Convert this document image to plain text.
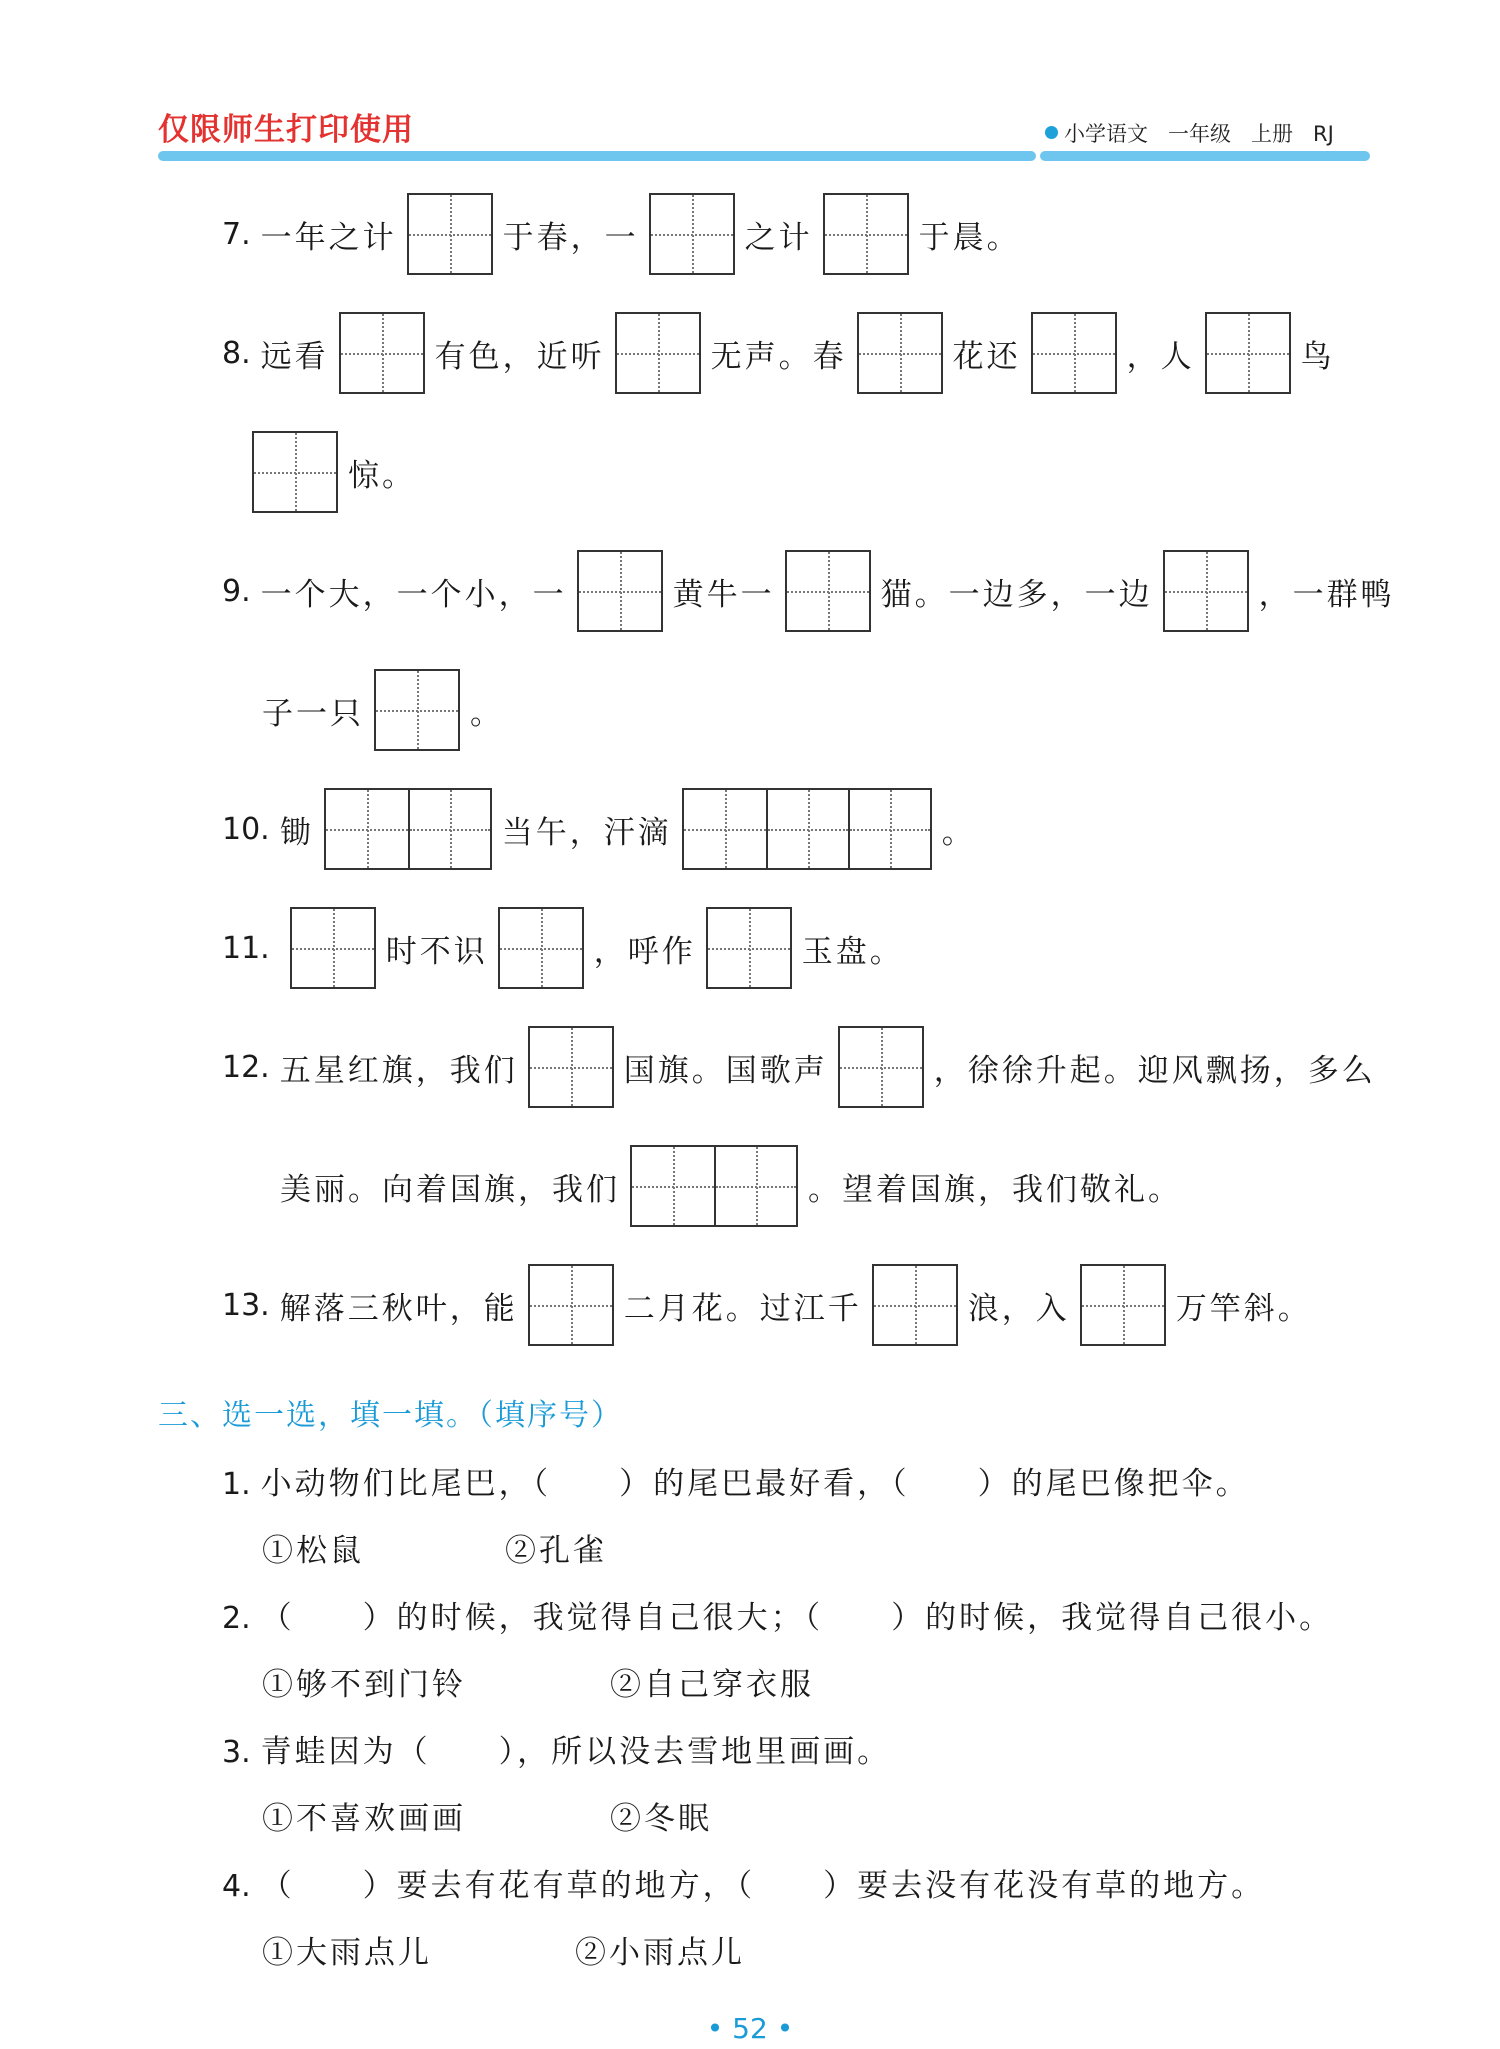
仅限师生打印使用	小学语文 一年级 上册 RJ
7. 一年之计	于春，一	之计	于晨。
8. 远看	有色，近听	无声。春	花还	，人	鸟
惊。
9. 一个大，一个小，一	黄牛一	猫。一边多，一边	，一群鸭
子一只	。
10. 锄	当午，汗滴	。
11.	时不识	，呼作	玉盘。
12. 五星红旗，我们	国旗。国歌声	，徐徐升起。迎风飘扬，多么
美丽。向着国旗，我们	。望着国旗，我们敬礼。
13. 解落三秋叶，能	二月花。过江千	浪，入	万竿斜。
三、选一选，填一填。（填序号）
1. 小动物们比尾巴，（ ）的尾巴最好看，（ ）的尾巴像把伞。
①松鼠	②孔雀
2. （ ）的时候，我觉得自己很大；（ ）的时候，我觉得自己很小。
①够不到门铃	②自己穿衣服
3. 青蛙因为（ ），所以没去雪地里画画。
①不喜欢画画	②冬眠
4. （ ）要去有花有草的地方，（ ）要去没有花没有草的地方。
①大雨点儿	②小雨点儿
• 52 •
